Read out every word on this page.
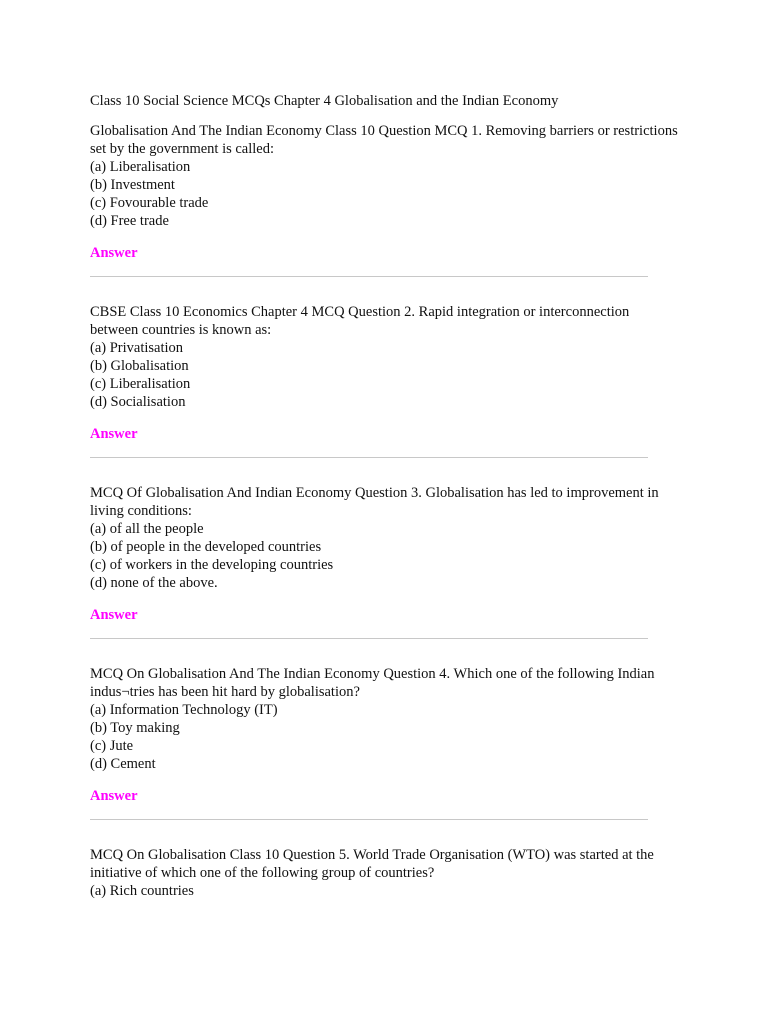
Class 10 Social Science MCQs Chapter 4 Globalisation and the Indian Economy

Globalisation And The Indian Economy Class 10 Question MCQ 1. Removing barriers or restrictions set by the government is called:

(a) Liberalisation
(b) Investment
(c) Fovourable trade
(d) Free trade
Answer

CBSE Class 10 Economics Chapter 4 MCQ Question 2. Rapid integration or interconnection between countries is known as:

(a) Privatisation
(b) Globalisation
(c) Liberalisation
(d) Socialisation
Answer

MCQ Of Globalisation And Indian Economy Question 3. Globalisation has led to improvement in living conditions:

(a) of all the people
(b) of people in the developed countries
(c) of workers in the developing countries
(d) none of the above.
Answer

MCQ On Globalisation And The Indian Economy Question 4. Which one of the following Indian indus¬tries has been hit hard by globalisation?

(a) Information Technology (IT)
(b) Toy making
(c) Jute
(d) Cement
Answer

MCQ On Globalisation Class 10 Question 5. World Trade Organisation (WTO) was started at the initiative of which one of the following group of countries?

(a) Rich countries
